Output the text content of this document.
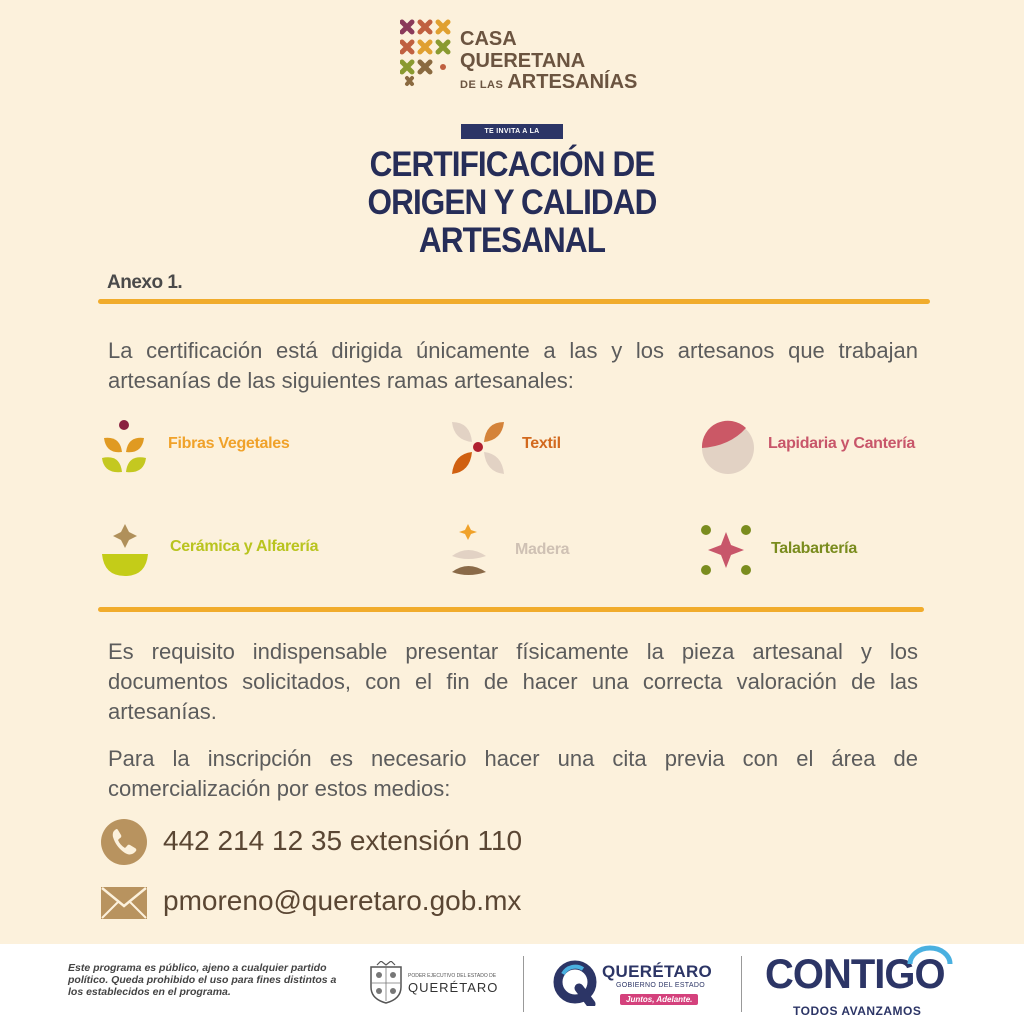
CASA
QUERETANA
DE LAS ARTESANÍAS
TE INVITA A LA
CERTIFICACIÓN DE
ORIGEN Y CALIDAD
ARTESANAL
Anexo 1.
La certificación está dirigida únicamente a las y los artesanos que trabajan artesanías de las siguientes ramas artesanales:
Fibras Vegetales	Textil	Lapidaria y Cantería
Cerámica y Alfarería	Madera	Talabartería
Es requisito indispensable presentar físicamente la pieza artesanal y los documentos solicitados, con el fin de hacer una correcta valoración de las artesanías.
Para la inscripción es necesario hacer una cita previa con el área de comercialización por estos medios:
442 214 12 35 extensión 110
pmoreno@queretaro.gob.mx
Este programa es público, ajeno a cualquier partido político. Queda prohibido el uso para fines distintos a los establecidos en el programa.
PODER EJECUTIVO DEL ESTADO DE
QUERÉTARO
QUERÉTARO
GOBIERNO DEL ESTADO
Juntos, Adelante.
CONTIGO
TODOS AVANZAMOS
